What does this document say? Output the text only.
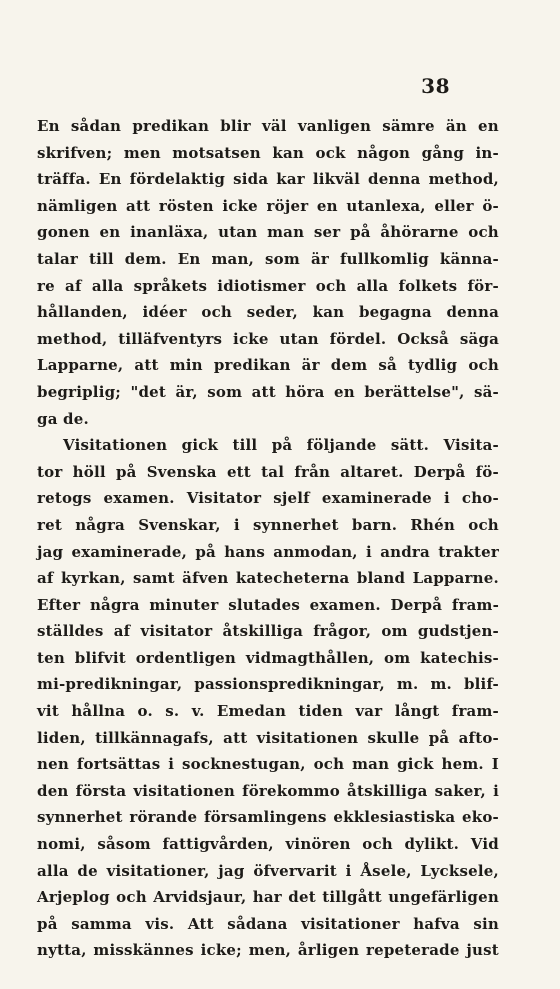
38
En sådan predikan blir väl vanligen sämre än en
skrifven; men motsatsen kan ock någon gång in-
träffa. En fördelaktig sida kar likväl denna method,
nämligen att rösten icke röjer en utanlexa, eller ö-
gonen en inanläxa, utan man ser på åhörarne och
talar till dem. En man, som är fullkomlig känna-
re af alla språkets idiotismer och alla folkets för-
hållanden, idéer och seder, kan begagna denna
method, tilläfventyrs icke utan fördel. Också säga
Lapparne, att min predikan är dem så tydlig och
begriplig; "det är, som att höra en berättelse", sä-
ga de.
Visitationen gick till på följande sätt. Visita-
tor höll på Svenska ett tal från altaret. Derpå fö-
retogs examen. Visitator sjelf examinerade i cho-
ret några Svenskar, i synnerhet barn. Rhén och
jag examinerade, på hans anmodan, i andra trakter
af kyrkan, samt äfven katecheterna bland Lapparne.
Efter några minuter slutades examen. Derpå fram-
ställdes af visitator åtskilliga frågor, om gudstjen-
ten blifvit ordentligen vidmagthållen, om katechis-
mi-predikningar, passionspredikningar, m. m. blif-
vit hållna o. s. v. Emedan tiden var långt fram-
liden, tillkännagafs, att visitationen skulle på afto-
nen fortsättas i socknestugan, och man gick hem. I
den första visitationen förekommo åtskilliga saker, i
synnerhet rörande församlingens ekklesiastiska eko-
nomi, såsom fattigvården, vinören och dylikt. Vid
alla de visitationer, jag öfvervarit i Åsele, Lycksele,
Arjeplog och Arvidsjaur, har det tillgått ungefärligen
på samma vis. Att sådana visitationer hafva sin
nytta, misskännes icke; men, årligen repeterade just
